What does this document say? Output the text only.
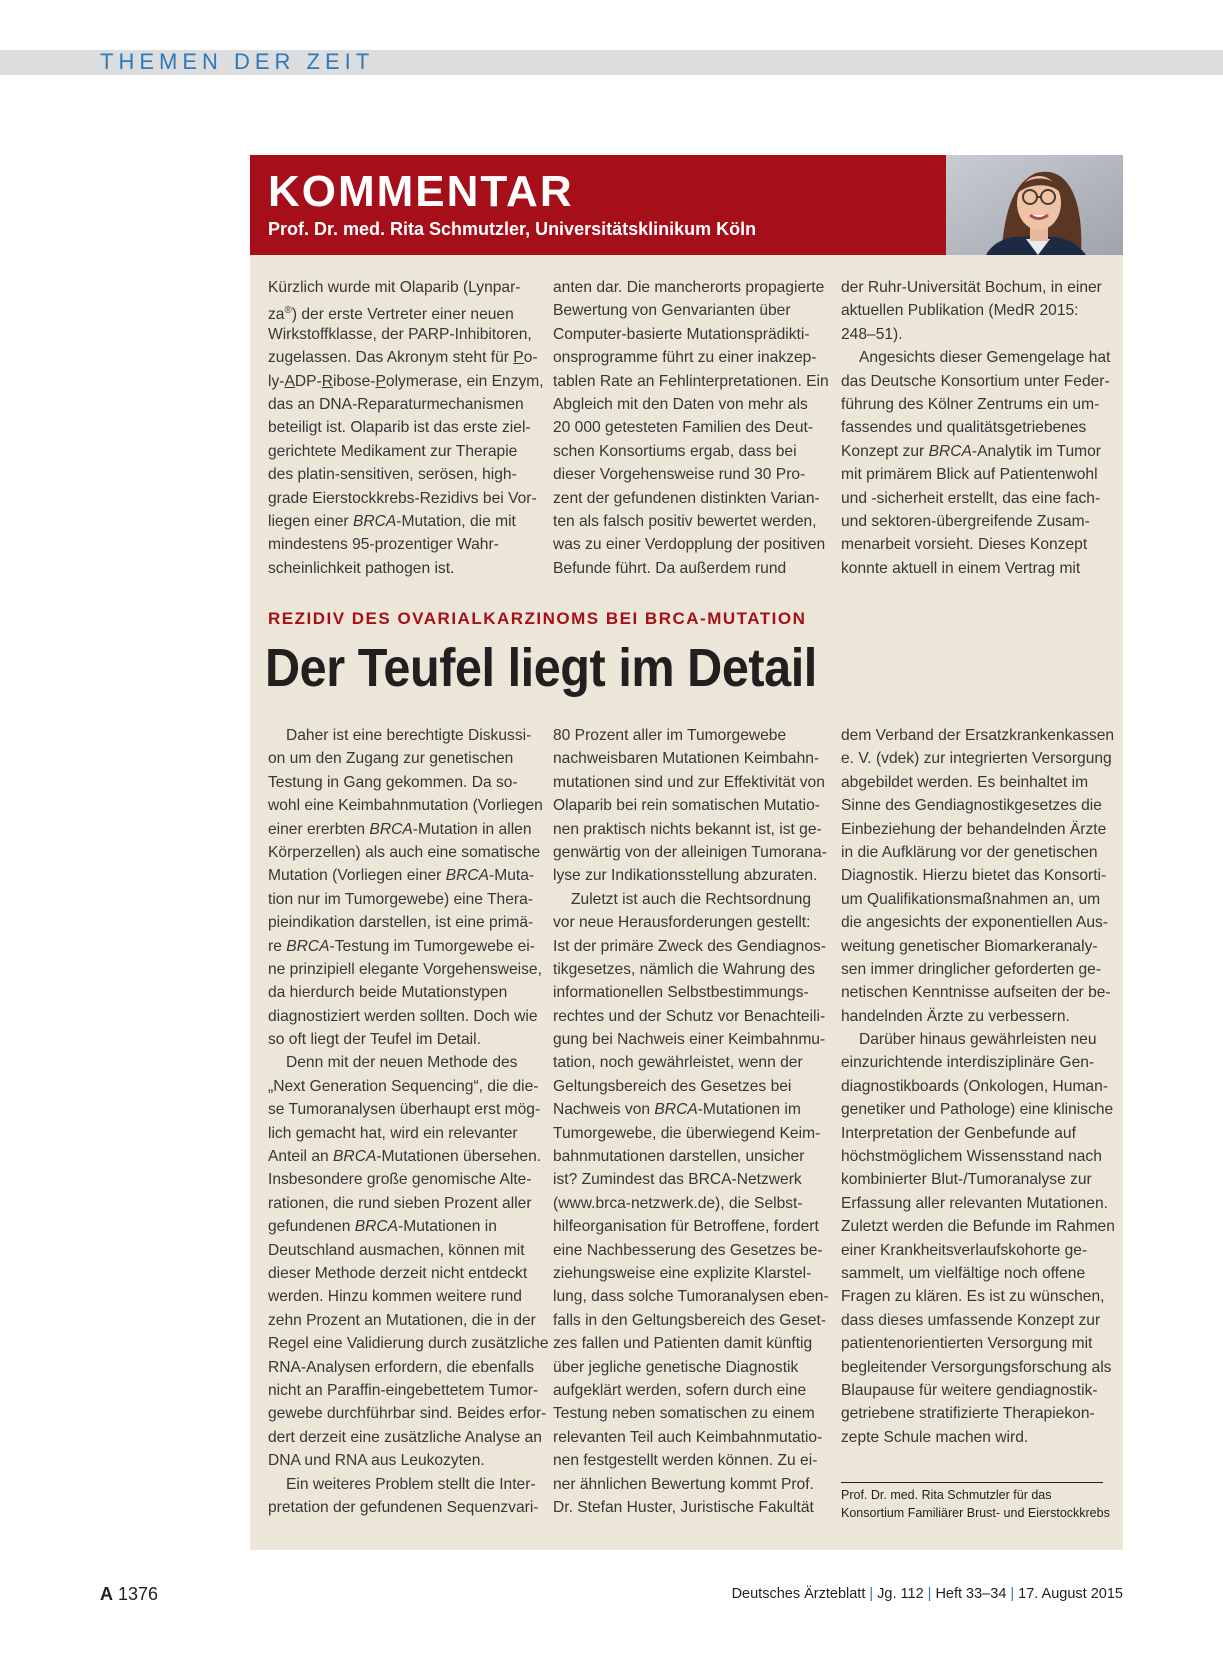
THEMEN DER ZEIT
KOMMENTAR
Prof. Dr. med. Rita Schmutzler, Universitätsklinikum Köln
Kürzlich wurde mit Olaparib (Lynpar-
za®) der erste Vertreter einer neuen
Wirkstoffklasse, der PARP-Inhibitoren,
zugelassen. Das Akronym steht für Po-
ly-ADP-Ribose-Polymerase, ein Enzym,
das an DNA-Reparaturmechanismen
beteiligt ist. Olaparib ist das erste ziel-
gerichtete Medikament zur Therapie
des platin-sensitiven, serösen, high-
grade Eierstockkrebs-Rezidivs bei Vor-
liegen einer BRCA-Mutation, die mit
mindestens 95-prozentiger Wahr-
scheinlichkeit pathogen ist.
anten dar. Die mancherorts propagierte
Bewertung von Genvarianten über
Computer-basierte Mutationsprädikti-
onsprogramme führt zu einer inakzep-
tablen Rate an Fehlinterpretationen. Ein
Abgleich mit den Daten von mehr als
20 000 getesteten Familien des Deut-
schen Konsortiums ergab, dass bei
dieser Vorgehensweise rund 30 Pro-
zent der gefundenen distinkten Varian-
ten als falsch positiv bewertet werden,
was zu einer Verdopplung der positiven
Befunde führt. Da außerdem rund
der Ruhr-Universität Bochum, in einer
aktuellen Publikation (MedR 2015:
248–51).
Angesichts dieser Gemengelage hat
das Deutsche Konsortium unter Feder-
führung des Kölner Zentrums ein um-
fassendes und qualitätsgetriebenes
Konzept zur BRCA-Analytik im Tumor
mit primärem Blick auf Patientenwohl
und -sicherheit erstellt, das eine fach-
und sektoren-übergreifende Zusam-
menarbeit vorsieht. Dieses Konzept
konnte aktuell in einem Vertrag mit
REZIDIV DES OVARIALKARZINOMS BEI BRCA-MUTATION
Der Teufel liegt im Detail
Daher ist eine berechtigte Diskussi-
on um den Zugang zur genetischen
Testung in Gang gekommen. Da so-
wohl eine Keimbahnmutation (Vorliegen
einer ererbten BRCA-Mutation in allen
Körperzellen) als auch eine somatische
Mutation (Vorliegen einer BRCA-Muta-
tion nur im Tumorgewebe) eine Thera-
pieindikation darstellen, ist eine primä-
re BRCA-Testung im Tumorgewebe ei-
ne prinzipiell elegante Vorgehensweise,
da hierdurch beide Mutationstypen
diagnostiziert werden sollten. Doch wie
so oft liegt der Teufel im Detail.
Denn mit der neuen Methode des
„Next Generation Sequencing“, die die-
se Tumoranalysen überhaupt erst mög-
lich gemacht hat, wird ein relevanter
Anteil an BRCA-Mutationen übersehen.
Insbesondere große genomische Alte-
rationen, die rund sieben Prozent aller
gefundenen BRCA-Mutationen in
Deutschland ausmachen, können mit
dieser Methode derzeit nicht entdeckt
werden. Hinzu kommen weitere rund
zehn Prozent an Mutationen, die in der
Regel eine Validierung durch zusätzliche
RNA-Analysen erfordern, die ebenfalls
nicht an Paraffin-eingebettetem Tumor-
gewebe durchführbar sind. Beides erfor-
dert derzeit eine zusätzliche Analyse an
DNA und RNA aus Leukozyten.
Ein weiteres Problem stellt die Inter-
pretation der gefundenen Sequenzvari-
80 Prozent aller im Tumorgewebe
nachweisbaren Mutationen Keimbahn-
mutationen sind und zur Effektivität von
Olaparib bei rein somatischen Mutatio-
nen praktisch nichts bekannt ist, ist ge-
genwärtig von der alleinigen Tumorana-
lyse zur Indikationsstellung abzuraten.
Zuletzt ist auch die Rechtsordnung
vor neue Herausforderungen gestellt:
Ist der primäre Zweck des Gendiagnos-
tikgesetzes, nämlich die Wahrung des
informationellen Selbstbestimmungs-
rechtes und der Schutz vor Benachteili-
gung bei Nachweis einer Keimbahnmu-
tation, noch gewährleistet, wenn der
Geltungsbereich des Gesetzes bei
Nachweis von BRCA-Mutationen im
Tumorgewebe, die überwiegend Keim-
bahnmutationen darstellen, unsicher
ist? Zumindest das BRCA-Netzwerk
(www.brca-netzwerk.de), die Selbst-
hilfeorganisation für Betroffene, fordert
eine Nachbesserung des Gesetzes be-
ziehungsweise eine explizite Klarstel-
lung, dass solche Tumoranalysen eben-
falls in den Geltungsbereich des Geset-
zes fallen und Patienten damit künftig
über jegliche genetische Diagnostik
aufgeklärt werden, sofern durch eine
Testung neben somatischen zu einem
relevanten Teil auch Keimbahnmutatio-
nen festgestellt werden können. Zu ei-
ner ähnlichen Bewertung kommt Prof.
Dr. Stefan Huster, Juristische Fakultät
dem Verband der Ersatzkrankenkassen
e. V. (vdek) zur integrierten Versorgung
abgebildet werden. Es beinhaltet im
Sinne des Gendiagnostikgesetzes die
Einbeziehung der behandelnden Ärzte
in die Aufklärung vor der genetischen
Diagnostik. Hierzu bietet das Konsorti-
um Qualifikationsmaßnahmen an, um
die angesichts der exponentiellen Aus-
weitung genetischer Biomarkeranaly-
sen immer dringlicher geforderten ge-
netischen Kenntnisse aufseiten der be-
handelnden Ärzte zu verbessern.
Darüber hinaus gewährleisten neu
einzurichtende interdisziplinäre Gen-
diagnostikboards (Onkologen, Human-
genetiker und Pathologe) eine klinische
Interpretation der Genbefunde auf
höchstmöglichem Wissensstand nach
kombinierter Blut-/Tumoranalyse zur
Erfassung aller relevanten Mutationen.
Zuletzt werden die Befunde im Rahmen
einer Krankheitsverlaufskohorte ge-
sammelt, um vielfältige noch offene
Fragen zu klären. Es ist zu wünschen,
dass dieses umfassende Konzept zur
patientenorientierten Versorgung mit
begleitender Versorgungsforschung als
Blaupause für weitere gendiagnostik-
getriebene stratifizierte Therapiekon-
zepte Schule machen wird.
Prof. Dr. med. Rita Schmutzler für das
Konsortium Familiärer Brust- und Eierstockkrebs
A 1376	Deutsches Ärzteblatt | Jg. 112 | Heft 33–34 | 17. August 2015
